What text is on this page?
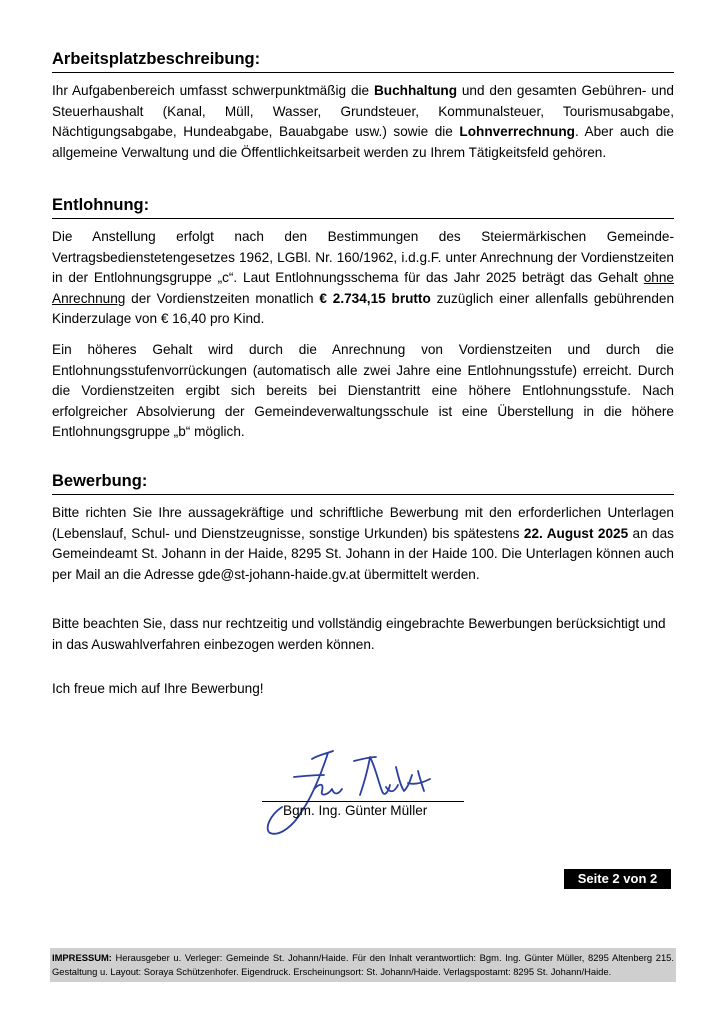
Arbeitsplatzbeschreibung:
Ihr Aufgabenbereich umfasst schwerpunktmäßig die Buchhaltung und den gesamten Gebühren- und Steuerhaushalt (Kanal, Müll, Wasser, Grundsteuer, Kommunalsteuer, Tourismusabgabe, Nächtigungsabgabe, Hundeabgabe, Bauabgabe usw.) sowie die Lohnverrechnung. Aber auch die allgemeine Verwaltung und die Öffentlichkeitsarbeit werden zu Ihrem Tätigkeitsfeld gehören.
Entlohnung:
Die Anstellung erfolgt nach den Bestimmungen des Steiermärkischen Gemeinde-Vertragsbedienstetengesetzes 1962, LGBl. Nr. 160/1962, i.d.g.F. unter Anrechnung der Vordienstzeiten in der Entlohnungsgruppe „c“. Laut Entlohnungsschema für das Jahr 2025 beträgt das Gehalt ohne Anrechnung der Vordienstzeiten monatlich € 2.734,15 brutto zuzüglich einer allenfalls gebührenden Kinderzulage von € 16,40 pro Kind.
Ein höheres Gehalt wird durch die Anrechnung von Vordienstzeiten und durch die Entlohnungsstufenvorrückungen (automatisch alle zwei Jahre eine Entlohnungsstufe) erreicht. Durch die Vordienstzeiten ergibt sich bereits bei Dienstantritt eine höhere Entlohnungsstufe. Nach erfolgreicher Absolvierung der Gemeindeverwaltungsschule ist eine Überstellung in die höhere Entlohnungsgruppe „b“ möglich.
Bewerbung:
Bitte richten Sie Ihre aussagekräftige und schriftliche Bewerbung mit den erforderlichen Unterlagen (Lebenslauf, Schul- und Dienstzeugnisse, sonstige Urkunden) bis spätestens 22. August 2025 an das Gemeindeamt St. Johann in der Haide, 8295 St. Johann in der Haide 100. Die Unterlagen können auch per Mail an die Adresse gde@st-johann-haide.gv.at übermittelt werden.
Bitte beachten Sie, dass nur rechtzeitig und vollständig eingebrachte Bewerbungen berücksichtigt und in das Auswahlverfahren einbezogen werden können.
Ich freue mich auf Ihre Bewerbung!
Bgm. Ing. Günter Müller
Seite 2 von 2
IMPRESSUM: Herausgeber u. Verleger: Gemeinde St. Johann/Haide. Für den Inhalt verantwortlich: Bgm. Ing. Günter Müller, 8295 Altenberg 215. Gestaltung u. Layout: Soraya Schützenhofer. Eigendruck. Erscheinungsort: St. Johann/Haide. Verlagspostamt: 8295 St. Johann/Haide.
